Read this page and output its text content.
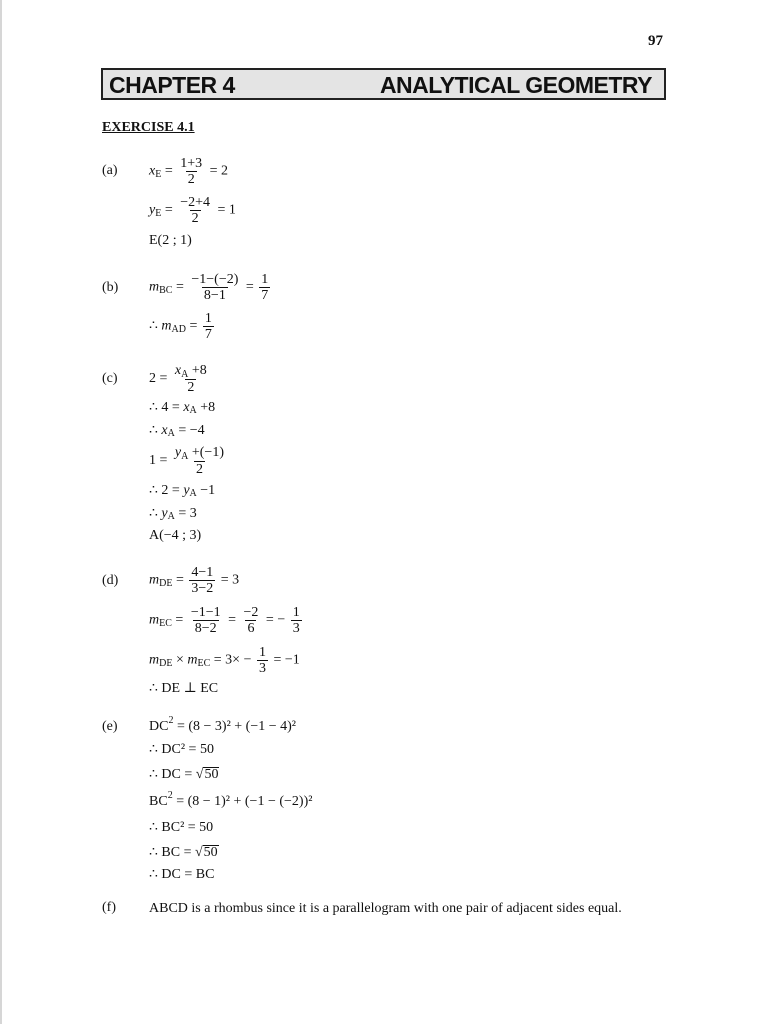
97
CHAPTER 4	ANALYTICAL GEOMETRY
EXERCISE 4.1
(a) $x_E = \frac{1+3}{2} = 2$
$y_E = \frac{-2+4}{2} = 1$
E(2 ; 1)
(b) $m_{BC} = \frac{-1-(-2)}{8-1} = \frac{1}{7}$
∴ $m_{AD} = \frac{1}{7}$
(c) $2 = \frac{x_A +8}{2}$
∴ $4 = x_A +8$
∴ $x_A = -4$
$1 = \frac{y_A +(-1)}{2}$
∴ $2 = y_A -1$
∴ $y_A = 3$
A(−4 ; 3)
(d) $m_{DE} = \frac{4-1}{3-2} = 3$
$m_{EC} = \frac{-1-1}{8-2} = \frac{-2}{6}$ = − $\frac{1}{3}$
$m_{DE} \times m_{EC} = 3\times - \frac{1}{3} = -1$
∴ DE ⊥ EC
(e) $DC^2 = (8 - 3)^2 + (-1 - 4)^2$
∴ DC² = 50
∴ DC = √50
$BC^2 = (8 - 1)^2 + (-1 - (-2))^2$
∴ BC² = 50
∴ BC = √50
∴ DC = BC
(f) ABCD is a rhombus since it is a parallelogram with one pair of adjacent sides equal.
